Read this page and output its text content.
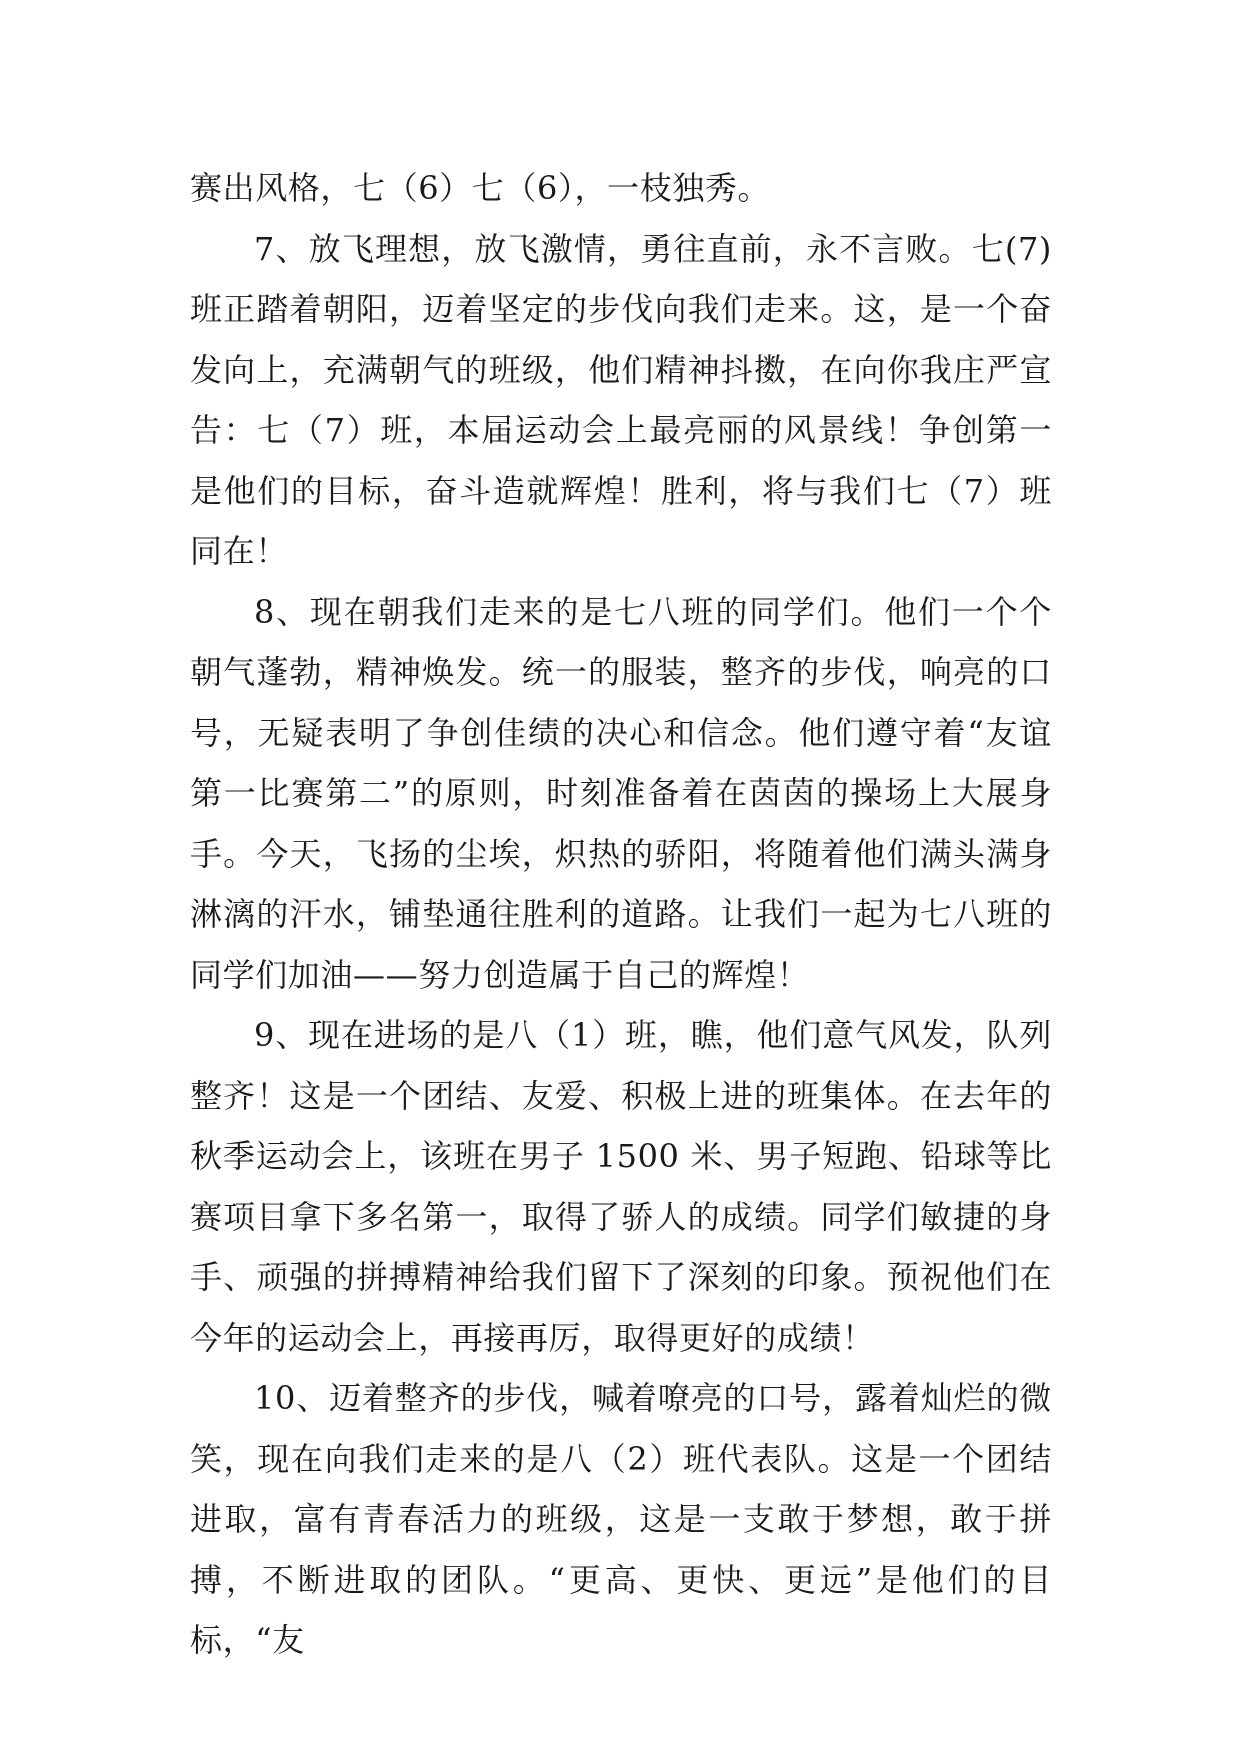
赛出风格，七（6）七（6），一枝独秀。

7、放飞理想，放飞激情，勇往直前，永不言败。七(7)班正踏着朝阳，迈着坚定的步伐向我们走来。这，是一个奋发向上，充满朝气的班级，他们精神抖擞，在向你我庄严宣告：七（7）班，本届运动会上最亮丽的风景线！争创第一是他们的目标，奋斗造就辉煌！胜利，将与我们七（7）班同在！

8、现在朝我们走来的是七八班的同学们。他们一个个朝气蓬勃，精神焕发。统一的服装，整齐的步伐，响亮的口号，无疑表明了争创佳绩的决心和信念。他们遵守着“友谊第一比赛第二”的原则，时刻准备着在茵茵的操场上大展身手。今天，飞扬的尘埃，炽热的骄阳，将随着他们满头满身淋漓的汗水，铺垫通往胜利的道路。让我们一起为七八班的同学们加油——努力创造属于自己的辉煌！

9、现在进场的是八（1）班，瞧，他们意气风发，队列整齐！这是一个团结、友爱、积极上进的班集体。在去年的秋季运动会上，该班在男子 1500 米、男子短跑、铅球等比赛项目拿下多名第一，取得了骄人的成绩。同学们敏捷的身手、顽强的拼搏精神给我们留下了深刻的印象。预祝他们在今年的运动会上，再接再厉，取得更好的成绩！

10、迈着整齐的步伐，喊着嘹亮的口号，露着灿烂的微笑，现在向我们走来的是八（2）班代表队。这是一个团结进取，富有青春活力的班级，这是一支敢于梦想，敢于拼搏，不断进取的团队。“更高、更快、更远”是他们的目标，“友
